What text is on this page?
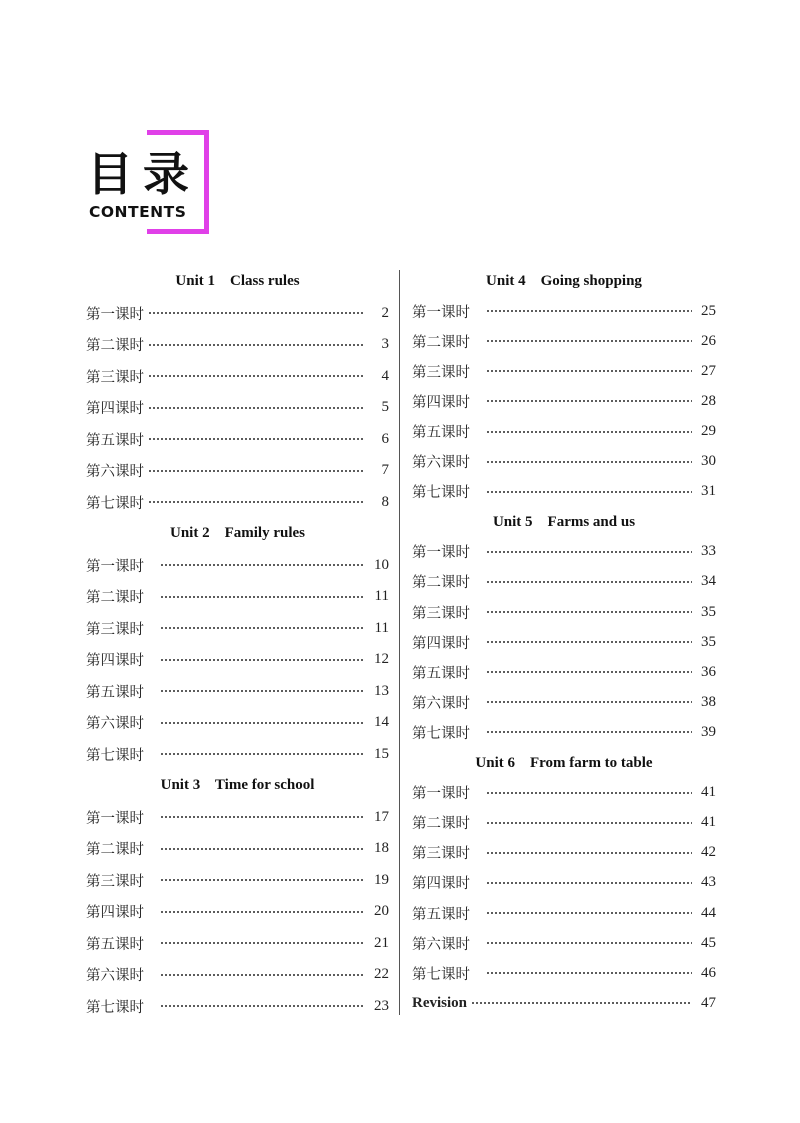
目录
CONTENTS
Unit 1    Class rules
第一课时	2
第二课时	3
第三课时	4
第四课时	5
第五课时	6
第六课时	7
第七课时	8
Unit 2    Family rules
第一课时	10
第二课时	11
第三课时	11
第四课时	12
第五课时	13
第六课时	14
第七课时	15
Unit 3    Time for school
第一课时	17
第二课时	18
第三课时	19
第四课时	20
第五课时	21
第六课时	22
第七课时	23
Unit 4    Going shopping
第一课时	25
第二课时	26
第三课时	27
第四课时	28
第五课时	29
第六课时	30
第七课时	31
Unit 5    Farms and us
第一课时	33
第二课时	34
第三课时	35
第四课时	35
第五课时	36
第六课时	38
第七课时	39
Unit 6    From farm to table
第一课时	41
第二课时	41
第三课时	42
第四课时	43
第五课时	44
第六课时	45
第七课时	46
Revision	47
